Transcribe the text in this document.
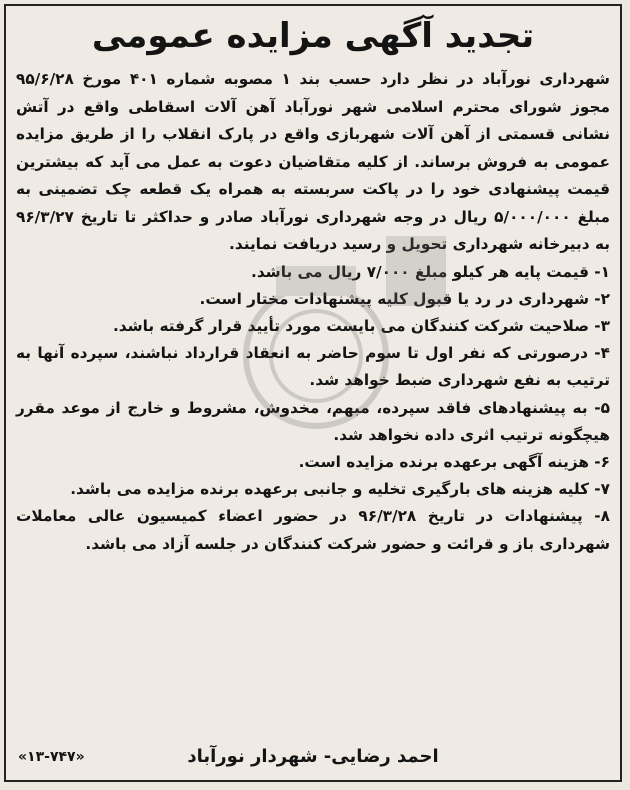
تجدید آگهی مزایده عمومی

شهرداری نورآباد در نظر دارد حسب بند ۱ مصوبه شماره ۴۰۱ مورخ ۹۵/۶/۲۸ مجوز شورای محترم اسلامی شهر نورآباد آهن آلات اسقاطی واقع در آتش نشانی قسمتی از آهن آلات شهربازی واقع در پارک انقلاب را از طریق مزایده عمومی به فروش برساند. از کلیه متقاضیان دعوت به عمل می آید که بیشترین قیمت پیشنهادی خود را در پاکت سربسته به همراه یک قطعه چک تضمینی به مبلغ ۵/۰۰۰/۰۰۰ ریال در وجه شهرداری نورآباد صادر و حداکثر تا تاریخ ۹۶/۳/۲۷ به دبیرخانه شهرداری تحویل و رسید دریافت نمایند.

۱- قیمت پایه هر کیلو مبلغ ۷/۰۰۰ ریال می باشد.
۲- شهرداری در رد یا قبول کلیه پیشنهادات مختار است.
۳- صلاحیت شرکت کنندگان می بایست مورد تأیید قرار گرفته باشد.
۴- درصورتی که نفر اول تا سوم حاضر به انعقاد قرارداد نباشند، سپرده آنها به ترتیب به نفع شهرداری ضبط خواهد شد.
۵- به پیشنهادهای فاقد سپرده، مبهم، مخدوش، مشروط و خارج از موعد مقرر هیچگونه ترتیب اثری داده نخواهد شد.
۶- هزینه آگهی برعهده برنده مزایده است.
۷- کلیه هزینه های بارگیری تخلیه و جانبی برعهده برنده مزایده می باشد.
۸- پیشنهادات در تاریخ ۹۶/۳/۲۸ در حضور اعضاء کمیسیون عالی معاملات شهرداری باز و قرائت و حضور شرکت کنندگان در جلسه آزاد می باشد.
احمد رضایی- شهردار نورآباد
«۱۳-۷۴۷»
